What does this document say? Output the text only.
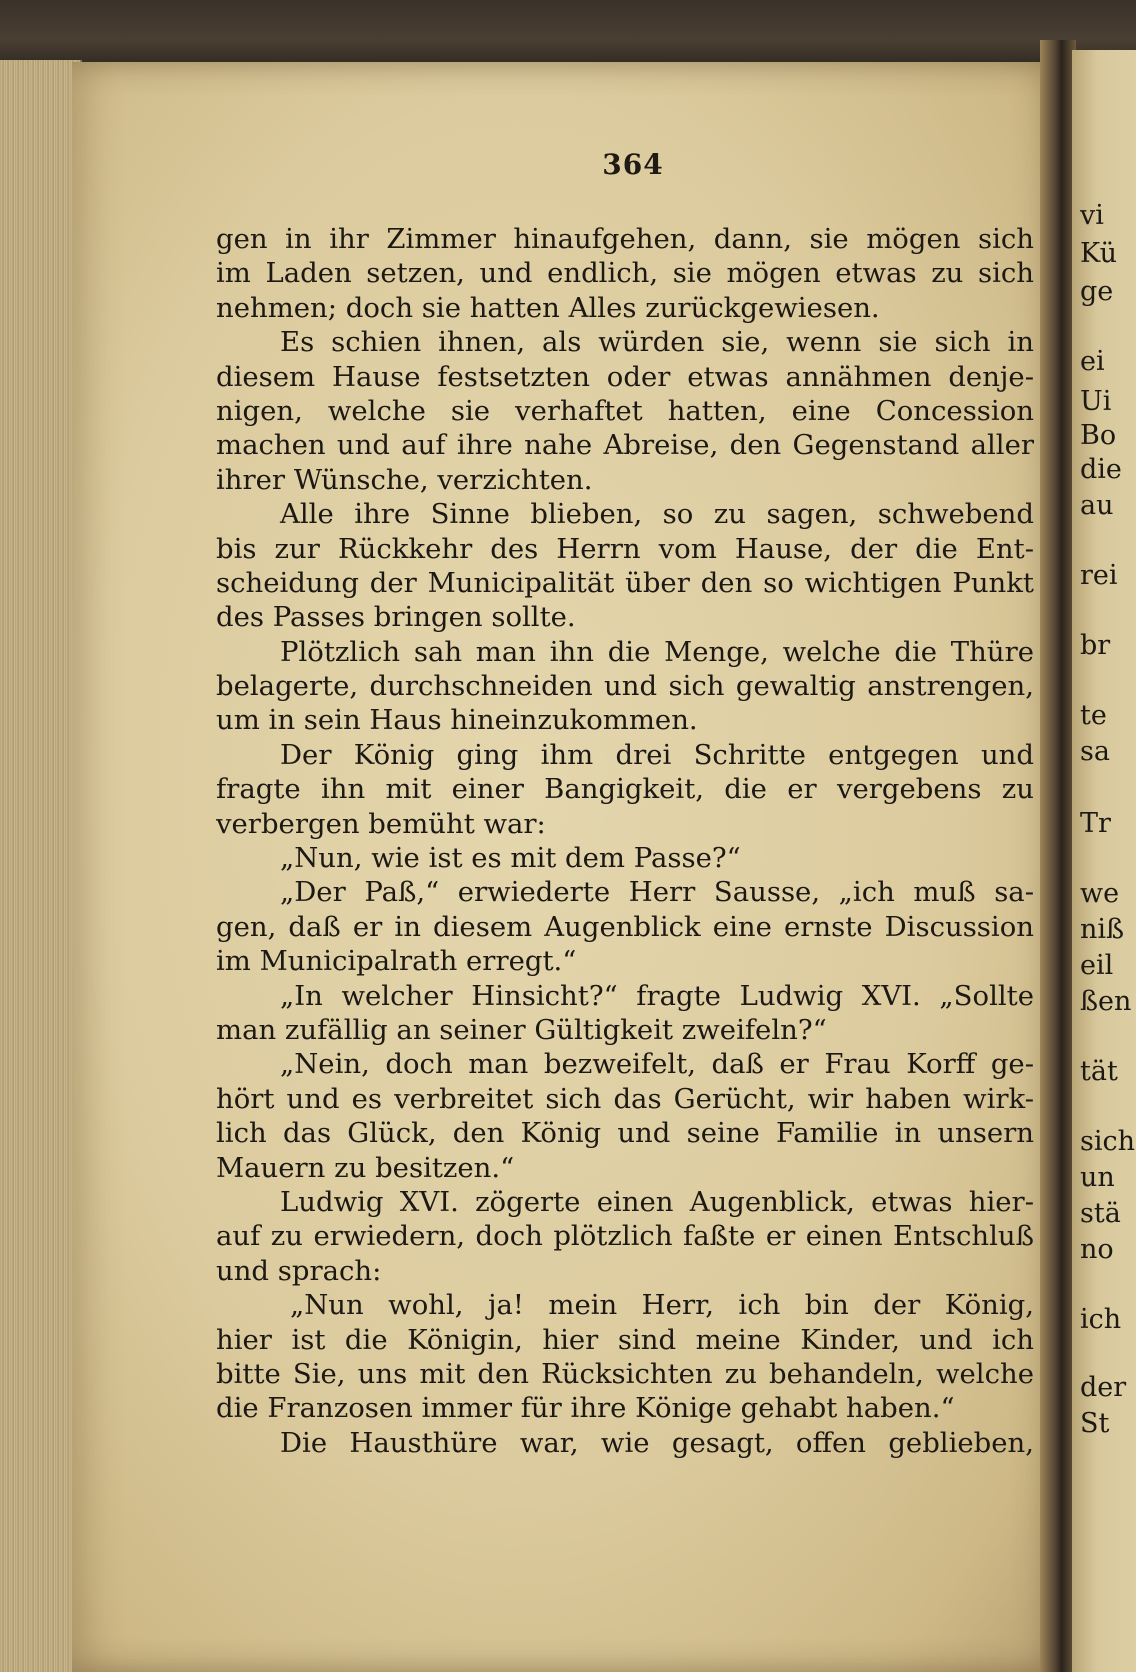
vi
Kü
ge
ei
Ui
Bo
die
au
rei
br
te
sa
Tr
we
niß
eil
ßen
tät
sich
un
stä
no
ich
der
St
364
gen in ihr Zimmer hinaufgehen, dann, sie mögen sich
im Laden setzen, und endlich, sie mögen etwas zu sich
nehmen; doch sie hatten Alles zurückgewiesen.
Es schien ihnen, als würden sie, wenn sie sich in
diesem Hause festsetzten oder etwas annähmen denje-
nigen, welche sie verhaftet hatten, eine Concession
machen und auf ihre nahe Abreise, den Gegenstand aller
ihrer Wünsche, verzichten.
Alle ihre Sinne blieben, so zu sagen, schwebend
bis zur Rückkehr des Herrn vom Hause, der die Ent-
scheidung der Municipalität über den so wichtigen Punkt
des Passes bringen sollte.
Plötzlich sah man ihn die Menge, welche die Thüre
belagerte, durchschneiden und sich gewaltig anstrengen,
um in sein Haus hineinzukommen.
Der König ging ihm drei Schritte entgegen und
fragte ihn mit einer Bangigkeit, die er vergebens zu
verbergen bemüht war:
„Nun, wie ist es mit dem Passe?“
„Der Paß,“ erwiederte Herr Sausse, „ich muß sa-
gen, daß er in diesem Augenblick eine ernste Discussion
im Municipalrath erregt.“
„In welcher Hinsicht?“ fragte Ludwig XVI. „Sollte
man zufällig an seiner Gültigkeit zweifeln?“
„Nein, doch man bezweifelt, daß er Frau Korff ge-
hört und es verbreitet sich das Gerücht, wir haben wirk-
lich das Glück, den König und seine Familie in unsern
Mauern zu besitzen.“
Ludwig XVI. zögerte einen Augenblick, etwas hier-
auf zu erwiedern, doch plötzlich faßte er einen Entschluß
und sprach:
„Nun wohl, ja! mein Herr, ich bin der König,
hier ist die Königin, hier sind meine Kinder, und ich
bitte Sie, uns mit den Rücksichten zu behandeln, welche
die Franzosen immer für ihre Könige gehabt haben.“
Die Hausthüre war, wie gesagt, offen geblieben,
